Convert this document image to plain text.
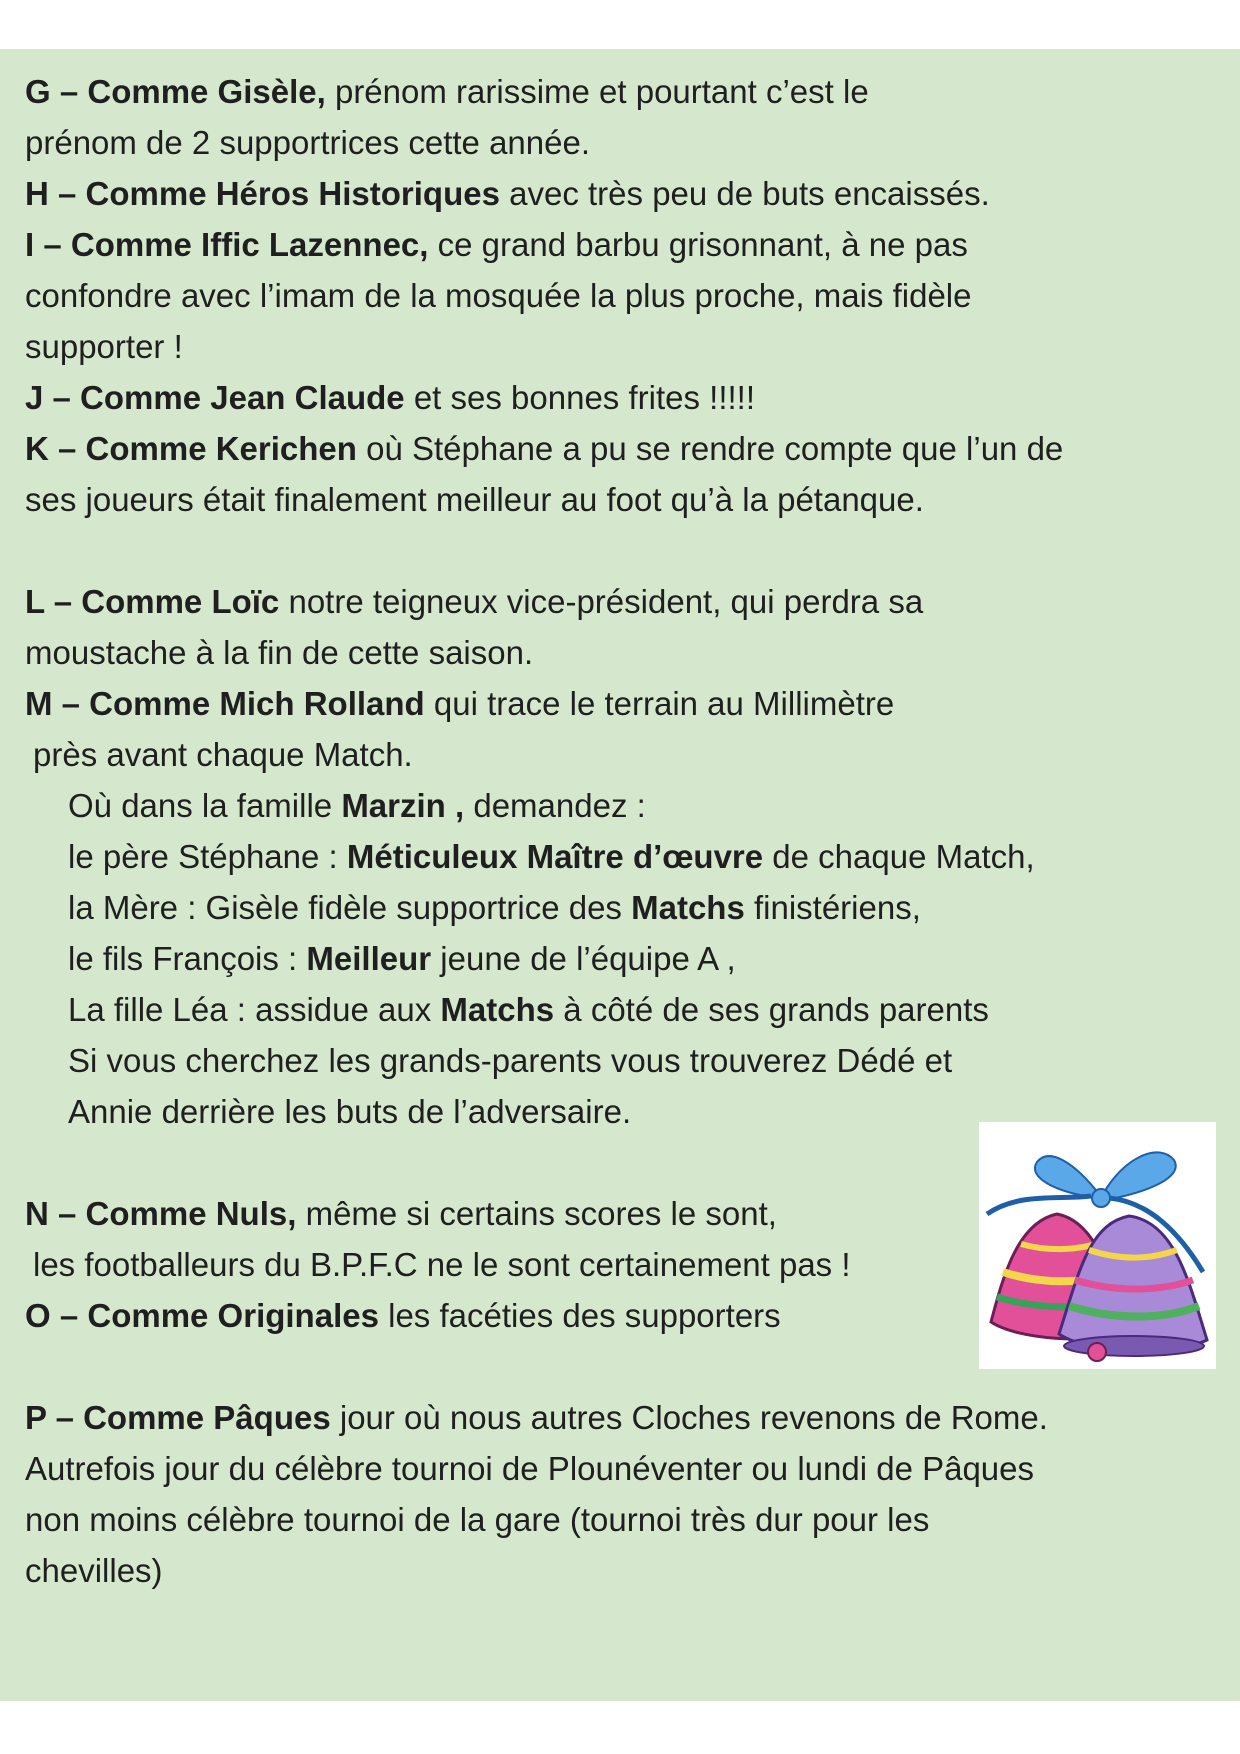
G – Comme Gisèle, prénom rarissime et pourtant c’est le
prénom de 2 supportrices cette année.
H – Comme Héros Historiques avec très peu de buts encaissés.
I – Comme Iffic Lazennec, ce grand barbu grisonnant, à ne pas
confondre avec l’imam de la mosquée la plus proche, mais fidèle
supporter !
J – Comme Jean Claude et ses bonnes frites !!!!!
K – Comme Kerichen où Stéphane a pu se rendre compte que l’un de
ses joueurs était finalement meilleur au foot qu’à la pétanque.
L – Comme Loïc notre teigneux vice-président, qui perdra sa
moustache à la fin de cette saison.
M – Comme Mich Rolland qui trace le terrain au Millimètre
près avant chaque Match.
Où dans la famille Marzin , demandez :
le père Stéphane : Méticuleux Maître d’œuvre de chaque Match,
la Mère : Gisèle fidèle supportrice des Matchs finistériens,
le fils François : Meilleur jeune de l’équipe A ,
La fille Léa : assidue aux Matchs à côté de ses grands parents
Si vous cherchez les grands-parents vous trouverez Dédé et
Annie derrière les buts de l’adversaire.
N – Comme Nuls, même si certains scores le sont,
les footballeurs du B.P.F.C ne le sont certainement pas !
O – Comme Originales les facéties des supporters
P – Comme Pâques jour où nous autres Cloches revenons de Rome.
Autrefois jour du célèbre tournoi de Plounéventer ou lundi de Pâques
non moins célèbre tournoi de la gare (tournoi très dur pour les
chevilles)
